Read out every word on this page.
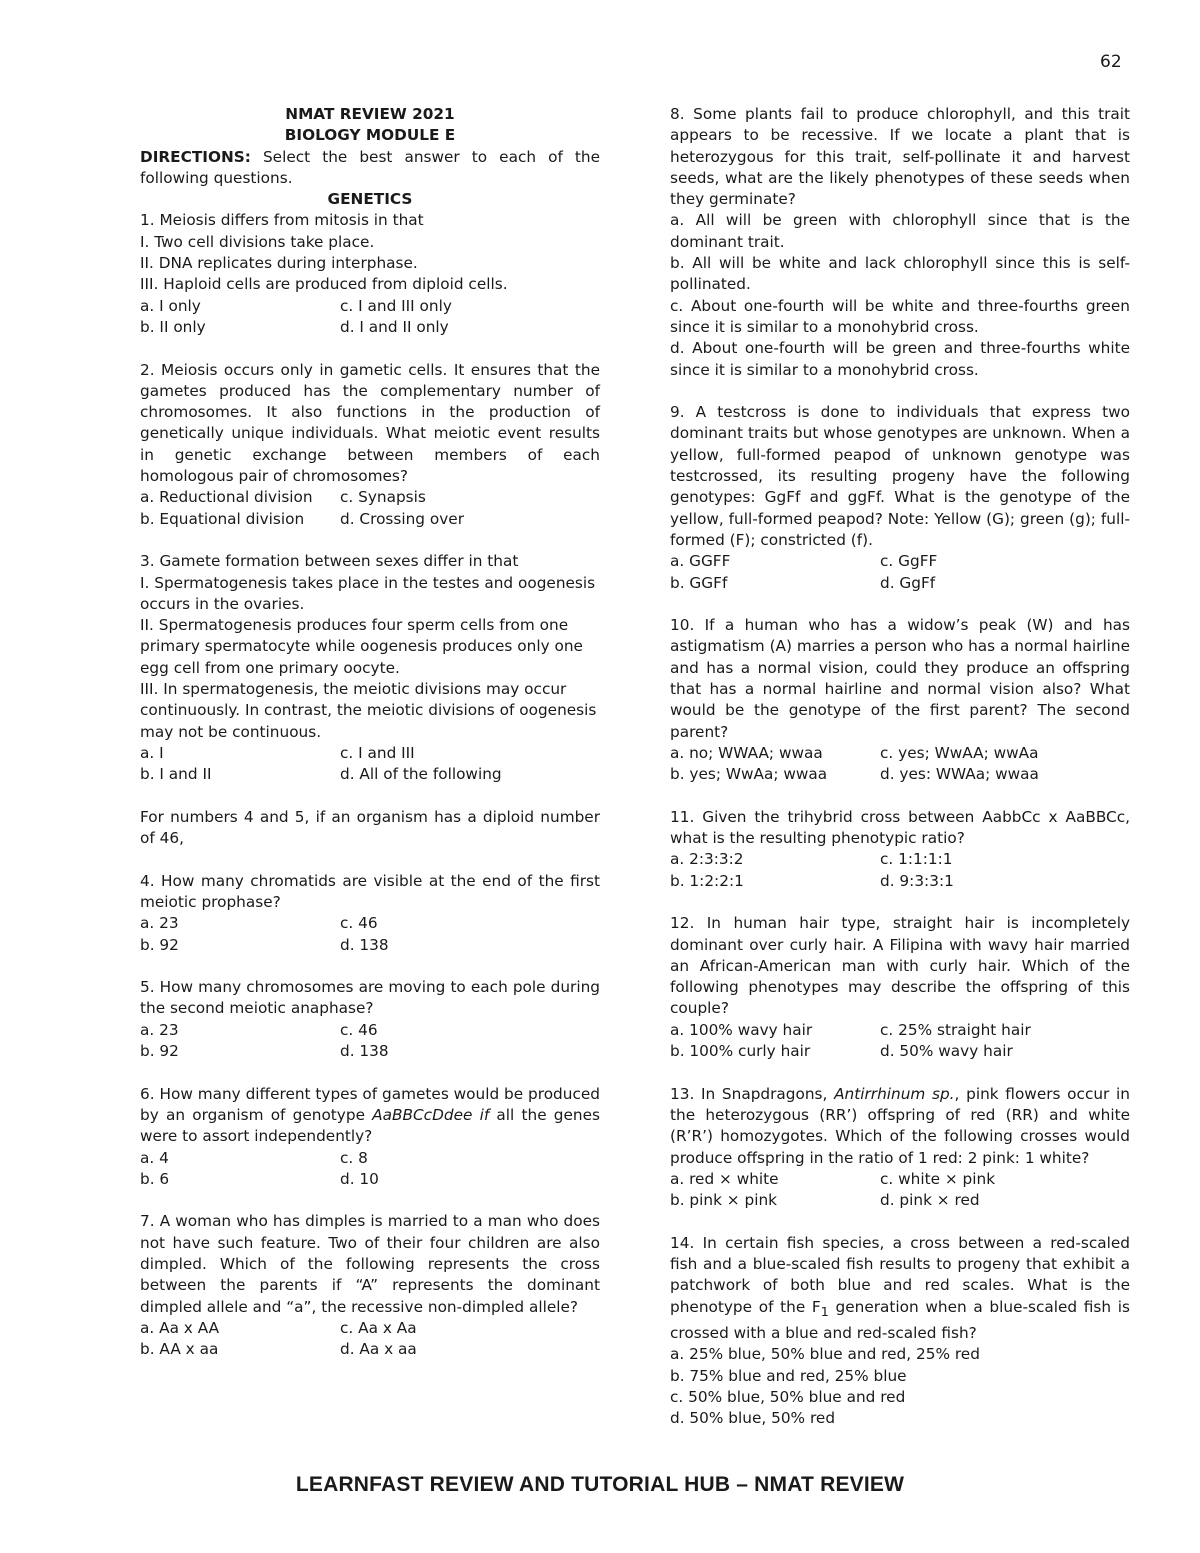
62

NMAT REVIEW 2021

BIOLOGY MODULE E

DIRECTIONS: Select the best answer to each of the following questions.

GENETICS

1. Meiosis differs from mitosis in that

I. Two cell divisions take place.

II. DNA replicates during interphase.

III. Haploid cells are produced from diploid cells.

a. I only	c. I and III only
b. II only	d. I and II only

2. Meiosis occurs only in gametic cells. It ensures that the gametes produced has the complementary number of chromosomes. It also functions in the production of genetically unique individuals. What meiotic event results in genetic exchange between members of each homologous pair of chromosomes?

a. Reductional division	c. Synapsis
b. Equational division	d. Crossing over

3. Gamete formation between sexes differ in that

I. Spermatogenesis takes place in the testes and oogenesis occurs in the ovaries.

II. Spermatogenesis produces four sperm cells from one primary spermatocyte while oogenesis produces only one egg cell from one primary oocyte.

III. In spermatogenesis, the meiotic divisions may occur continuously. In contrast, the meiotic divisions of oogenesis may not be continuous.

a. I	c. I and III
b. I and II	d. All of the following

For numbers 4 and 5, if an organism has a diploid number of 46,

4. How many chromatids are visible at the end of the first meiotic prophase?

a. 23	c. 46
b. 92	d. 138

5. How many chromosomes are moving to each pole during the second meiotic anaphase?

a. 23	c. 46
b. 92	d. 138

6. How many different types of gametes would be produced by an organism of genotype AaBBCcDdee if all the genes were to assort independently?

a. 4	c. 8
b. 6	d. 10

7. A woman who has dimples is married to a man who does not have such feature. Two of their four children are also dimpled. Which of the following represents the cross between the parents if “A” represents the dominant dimpled allele and “a”, the recessive non-dimpled allele?

a. Aa x AA	c. Aa x Aa
b. AA x aa	d. Aa x aa

8. Some plants fail to produce chlorophyll, and this trait appears to be recessive. If we locate a plant that is heterozygous for this trait, self-pollinate it and harvest seeds, what are the likely phenotypes of these seeds when they germinate?

a. All will be green with chlorophyll since that is the dominant trait.

b. All will be white and lack chlorophyll since this is self-pollinated.

c. About one-fourth will be white and three-fourths green since it is similar to a monohybrid cross.

d. About one-fourth will be green and three-fourths white since it is similar to a monohybrid cross.

9. A testcross is done to individuals that express two dominant traits but whose genotypes are unknown. When a yellow, full-formed peapod of unknown genotype was testcrossed, its resulting progeny have the following genotypes: GgFf and ggFf. What is the genotype of the yellow, full-formed peapod? Note: Yellow (G); green (g); full-formed (F); constricted (f).

a. GGFF	c. GgFF
b. GGFf	d. GgFf

10. If a human who has a widow’s peak (W) and has astigmatism (A) marries a person who has a normal hairline and has a normal vision, could they produce an offspring that has a normal hairline and normal vision also? What would be the genotype of the first parent? The second parent?

a. no; WWAA; wwaa	c. yes; WwAA; wwAa
b. yes; WwAa; wwaa	d. yes: WWAa; wwaa

11. Given the trihybrid cross between AabbCc x AaBBCc, what is the resulting phenotypic ratio?

a. 2:3:3:2	c. 1:1:1:1
b. 1:2:2:1	d. 9:3:3:1

12. In human hair type, straight hair is incompletely dominant over curly hair. A Filipina with wavy hair married an African-American man with curly hair. Which of the following phenotypes may describe the offspring of this couple?

a. 100% wavy hair	c. 25% straight hair
b. 100% curly hair	d. 50% wavy hair

13. In Snapdragons, Antirrhinum sp., pink flowers occur in the heterozygous (RR’) offspring of red (RR) and white (R’R’) homozygotes. Which of the following crosses would produce offspring in the ratio of 1 red: 2 pink: 1 white?

a. red × white	c. white × pink
b. pink × pink	d. pink × red

14. In certain fish species, a cross between a red-scaled fish and a blue-scaled fish results to progeny that exhibit a patchwork of both blue and red scales. What is the phenotype of the $F_1$ generation when a blue-scaled fish is crossed with a blue and red-scaled fish?

a. 25% blue, 50% blue and red, 25% red

b. 75% blue and red, 25% blue

c. 50% blue, 50% blue and red

d. 50% blue, 50% red

LEARNFAST REVIEW AND TUTORIAL HUB – NMAT REVIEW
